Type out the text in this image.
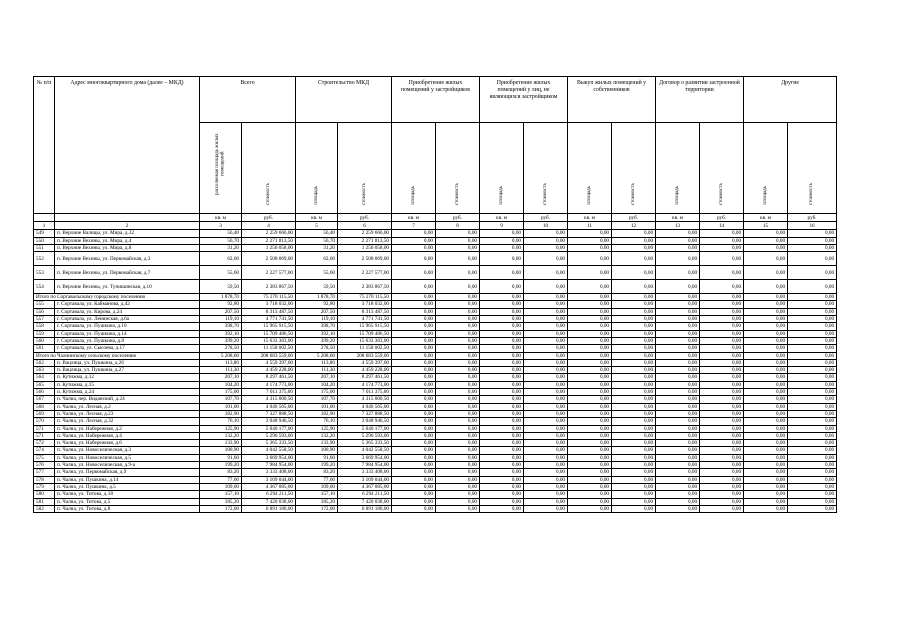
№ п/п	Адрес многоквартирного дома (далее – МКД)	Всего		Строительство МКД		Приобретение жилых помещений у застройщиков		Приобретение жилых помещений у лиц, не являющихся застройщиком		Выкуп жилых помещений у собственников		Договор о развитии застроенной территории		Другие	
		расселяемая площадь жилых помещений	стоимость	площадь	стоимость	площадь	стоимость	площадь	стоимость	площадь	стоимость	площадь	стоимость	площадь	стоимость
		кв. м	руб.	кв. м	руб.	кв. м	руб.	кв. м	руб.	кв. м	руб.	кв. м	руб.	кв. м	руб.
1	2	3	4	5	6	7	8	9	10	11	12	13	14	15	16
549	п. Верхние Валицы, ул. Мира, д.32	56,40	2 259 666,00	56,40	2 259 666,00	0,00	0,00	0,00	0,00	0,00	0,00	0,00	0,00	0,00	0,00
550	п. Верхние Вехины, ул. Мира, д.4	56,70	2 271 813,50	56,70	2 271 813,50	0,00	0,00	0,00	0,00	0,00	0,00	0,00	0,00	0,00	0,00
551	п. Верхние Вехины, ул. Мира, д.8	31,20	1 250 058,00	31,20	1 250 058,00	0,00	0,00	0,00	0,00	0,00	0,00	0,00	0,00	0,00	0,00
552	п. Верхние Вехины, ул. Первомайская, д.3	62,60	2 508 069,00	62,60	2 508 069,00	0,00	0,00	0,00	0,00	0,00	0,00	0,00	0,00	0,00	0,00
553	п. Верхние Вехины, ул. Первомайская, д.7	55,60	2 227 577,00	55,60	2 227 577,00	0,00	0,00	0,00	0,00	0,00	0,00	0,00	0,00	0,00	0,00
554	п. Верхние Вехины, ул. Тупишинская, д.10	59,50	2 383 867,50	59,50	2 383 867,50	0,00	0,00	0,00	0,00	0,00	0,00	0,00	0,00	0,00	0,00
Итого по Сортавальскому городскому поселению		1 878,70	75 270 115,50	1 878,70	75 270 115,50	0,00	0,00	0,00	0,00	0,00	0,00	0,00	0,00	0,00	0,00
555	г. Сортавала, ул. Кайманова, д.42	92,80	3 718 032,00	92,80	3 718 032,00	0,00	0,00	0,00	0,00	0,00	0,00	0,00	0,00	0,00	0,00
556	г. Сортавала, ул. Кирова, д.24	207,50	8 313 487,50	207,50	8 313 487,50	0,00	0,00	0,00	0,00	0,00	0,00	0,00	0,00	0,00	0,00
557	г. Сортавала, ул. Ленинская, д.6а	119,10	4 771 741,50	119,10	4 771 741,50	0,00	0,00	0,00	0,00	0,00	0,00	0,00	0,00	0,00	0,00
558	г. Сортавала, ул. Пушкина, д.10	398,70	15 965 915,50	398,70	15 965 915,50	0,00	0,00	0,00	0,00	0,00	0,00	0,00	0,00	0,00	0,00
559	г. Сортавала, ул. Пушкина, д.14	392,10	15 709 486,50	392,10	15 709 486,50	0,00	0,00	0,00	0,00	0,00	0,00	0,00	0,00	0,00	0,00
560	г. Сортавала, ул. Пушкина, д.8	399,20	15 633 363,00	399,20	15 633 363,00	0,00	0,00	0,00	0,00	0,00	0,00	0,00	0,00	0,00	0,00
561	г. Сортавала, ул. Сысоева, д.17	278,50	11 158 002,50	278,50	11 158 002,50	0,00	0,00	0,00	0,00	0,00	0,00	0,00	0,00	0,00	0,00
Итого по Чалнинскому сельскому поселению		5 208,60	208 683 559,00	5 208,60	208 683 559,00	0,00	0,00	0,00	0,00	0,00	0,00	0,00	0,00	0,00	0,00
562	п. Вацлица, ул. Пушкина, д.26	113,80	4 559 397,00	113,80	4 559 397,00	0,00	0,00	0,00	0,00	0,00	0,00	0,00	0,00	0,00	0,00
563	п. Вацлица, ул. Пушкина, д.27	111,30	4 459 228,00	111,30	4 459 228,00	0,00	0,00	0,00	0,00	0,00	0,00	0,00	0,00	0,00	0,00
564	п. Кутижма, д.12	207,10	8 297 461,50	207,10	8 297 461,50	0,00	0,00	0,00	0,00	0,00	0,00	0,00	0,00	0,00	0,00
565	п. Кутижма, д.15	104,20	4 174 773,00	104,20	4 174 773,00	0,00	0,00	0,00	0,00	0,00	0,00	0,00	0,00	0,00	0,00
566	п. Кутижма, д.24	175,00	7 011 375,00	175,00	7 011 375,00	0,00	0,00	0,00	0,00	0,00	0,00	0,00	0,00	0,00	0,00
567	п. Чална, пер. Виданский, д.24	107,70	4 315 000,50	107,70	4 315 000,50	0,00	0,00	0,00	0,00	0,00	0,00	0,00	0,00	0,00	0,00
568	п. Чална, ул. Лесная, д.2	101,00	4 046 565,00	101,00	4 046 565,00	0,00	0,00	0,00	0,00	0,00	0,00	0,00	0,00	0,00	0,00
569	п. Чална, ул. Лесная, д.23	182,90	7 327 888,50	182,90	7 327 888,50	0,00	0,00	0,00	0,00	0,00	0,00	0,00	0,00	0,00	0,00
570	п. Чална, ул. Лесная, д.32	76,10	3 048 946,50	76,10	3 048 946,50	0,00	0,00	0,00	0,00	0,00	0,00	0,00	0,00	0,00	0,00
571	п. Чална, ул. Набережная, д.2	125,90	5 040 177,00	125,90	5 040 177,00	0,00	0,00	0,00	0,00	0,00	0,00	0,00	0,00	0,00	0,00
571	п. Чална, ул. Набережная, д.4	132,20	5 296 593,00	132,20	5 296 593,00	0,00	0,00	0,00	0,00	0,00	0,00	0,00	0,00	0,00	0,00
572	п. Чална, ул. Набережная, д.6	133,90	5 365 333,50	133,90	5 365 333,50	0,00	0,00	0,00	0,00	0,00	0,00	0,00	0,00	0,00	0,00
574	п. Чална, ул. Новоселическая, д.3	100,90	4 042 558,50	100,90	4 042 558,50	0,00	0,00	0,00	0,00	0,00	0,00	0,00	0,00	0,00	0,00
575	п. Чална, ул. Новоселическая, д.5	91,60	3 669 954,00	91,60	3 669 954,00	0,00	0,00	0,00	0,00	0,00	0,00	0,00	0,00	0,00	0,00
576	п. Чална, ул. Новоселическая, д.9-а	199,20	7 984 954,00	199,20	7 984 954,00	0,00	0,00	0,00	0,00	0,00	0,00	0,00	0,00	0,00	0,00
577	п. Чална, ул. Первомайская, д.9	83,20	3 333 408,00	83,20	3 333 408,00	0,00	0,00	0,00	0,00	0,00	0,00	0,00	0,00	0,00	0,00
578	п. Чална, ул. Пушкина, д.14	77,60	3 109 044,00	77,60	3 109 044,00	0,00	0,00	0,00	0,00	0,00	0,00	0,00	0,00	0,00	0,00
579	п. Чална, ул. Пушкина, д.5	109,00	4 367 085,00	109,00	4 367 085,00	0,00	0,00	0,00	0,00	0,00	0,00	0,00	0,00	0,00	0,00
580	п. Чална, ул. Титова, д.18	157,10	6 294 211,50	157,10	6 294 211,50	0,00	0,00	0,00	0,00	0,00	0,00	0,00	0,00	0,00	0,00
581	п. Чална, ул. Титова, д.5	185,20	7 420 038,00	185,20	7 420 038,00	0,00	0,00	0,00	0,00	0,00	0,00	0,00	0,00	0,00	0,00
582	п. Чална, ул. Титова, д.8	172,00	6 891 180,00	172,00	6 891 180,00	0,00	0,00	0,00	0,00	0,00	0,00	0,00	0,00	0,00	0,00
